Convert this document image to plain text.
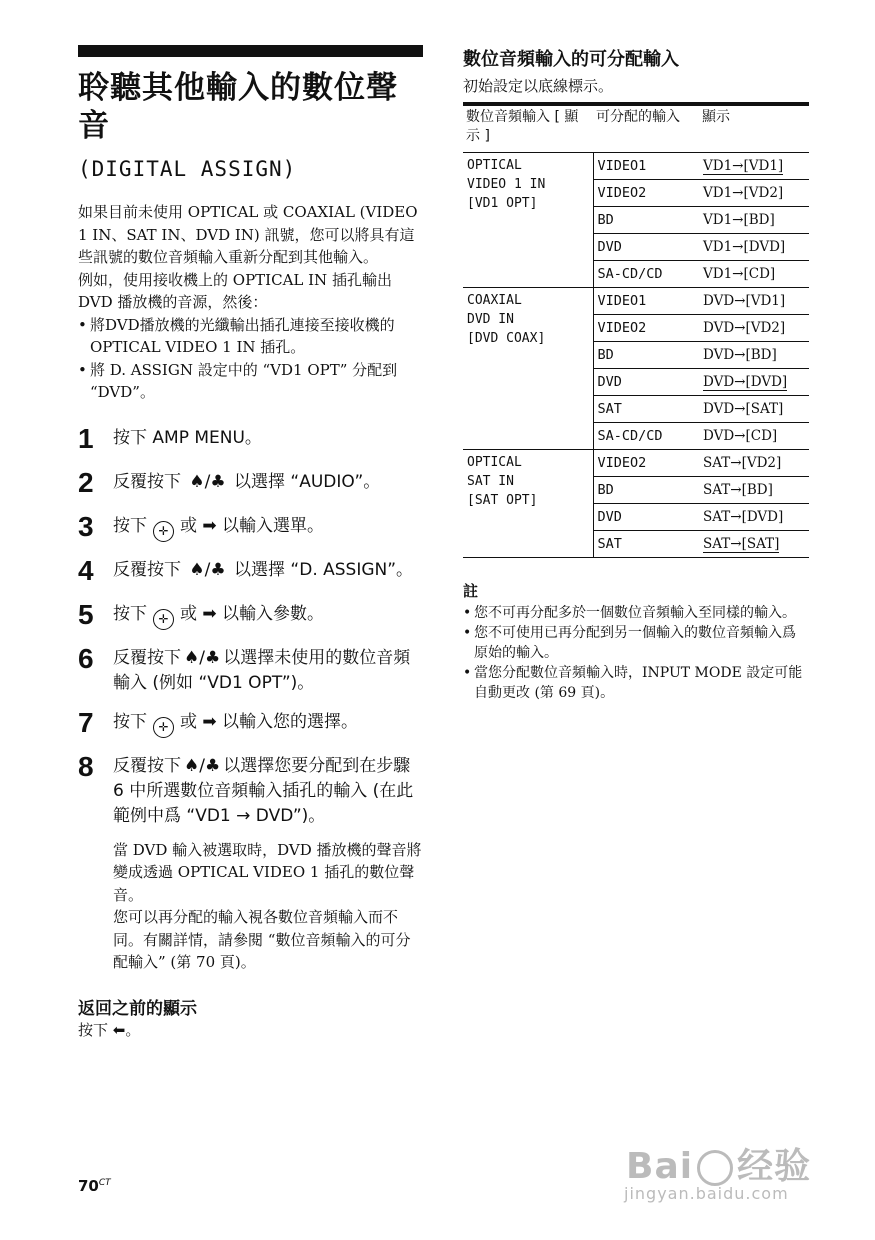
聆聽其他輸入的數位聲音
(DIGITAL ASSIGN)

如果目前未使用 OPTICAL 或 COAXIAL (VIDEO 1 IN、SAT IN、DVD IN) 訊號，您可以將具有這些訊號的數位音頻輸入重新分配到其他輸入。

例如，使用接收機上的 OPTICAL IN 插孔輸出 DVD 播放機的音源，然後：

• 將DVD播放機的光纖輸出插孔連接至接收機的 OPTICAL VIDEO 1 IN 插孔。
• 將 D. ASSIGN 設定中的 “VD1 OPT” 分配到 “DVD”。
1	按下 AMP MENU。
2	反覆按下 ♠/♣ 以選擇 “AUDIO”。
3	按下 ✛ 或 ➡ 以輸入選單。
4	反覆按下 ♠/♣ 以選擇 “D. ASSIGN”。
5	按下 ✛ 或 ➡ 以輸入參數。
6	反覆按下 ♠/♣ 以選擇未使用的數位音頻輸入 (例如 “VD1 OPT”)。
7	按下 ✛ 或 ➡ 以輸入您的選擇。
8	反覆按下 ♠/♣ 以選擇您要分配到在步驟 6 中所選數位音頻輸入插孔的輸入 (在此範例中爲 “VD1 → DVD”)。

當 DVD 輸入被選取時，DVD 播放機的聲音將變成透過 OPTICAL VIDEO 1 插孔的數位聲音。

您可以再分配的輸入視各數位音頻輸入而不同。有關詳情，請參閱 “數位音頻輸入的可分配輸入” (第 70 頁)。

返回之前的顯示
按下 ⬅。
$70^{CT}$
數位音頻輸入的可分配輸入
初始設定以底線標示。
數位音頻輸入 [ 顯示 ]	可分配的輸入	顯示

OPTICAL
VIDEO 1 IN
[VD1 OPT]	VIDEO1	VD1→[VD1]
	VIDEO2	VD1→[VD2]
	BD	VD1→[BD]
	DVD	VD1→[DVD]
	SA-CD/CD	VD1→[CD]

COAXIAL
DVD IN
[DVD COAX]	VIDEO1	DVD→[VD1]
	VIDEO2	DVD→[VD2]
	BD	DVD→[BD]
	DVD	DVD→[DVD]
	SAT	DVD→[SAT]
	SA-CD/CD	DVD→[CD]

OPTICAL
SAT IN
[SAT OPT]	VIDEO2	SAT→[VD2]
	BD	SAT→[BD]
	DVD	SAT→[DVD]
	SAT	SAT→[SAT]
註
• 您不可再分配多於一個數位音頻輸入至同樣的輸入。
• 您不可使用已再分配到另一個輸入的數位音頻輸入爲原始的輸入。
• 當您分配數位音頻輸入時，INPUT MODE 設定可能自動更改 (第 69 頁)。
Bai 经验
jingyan.baidu.com
